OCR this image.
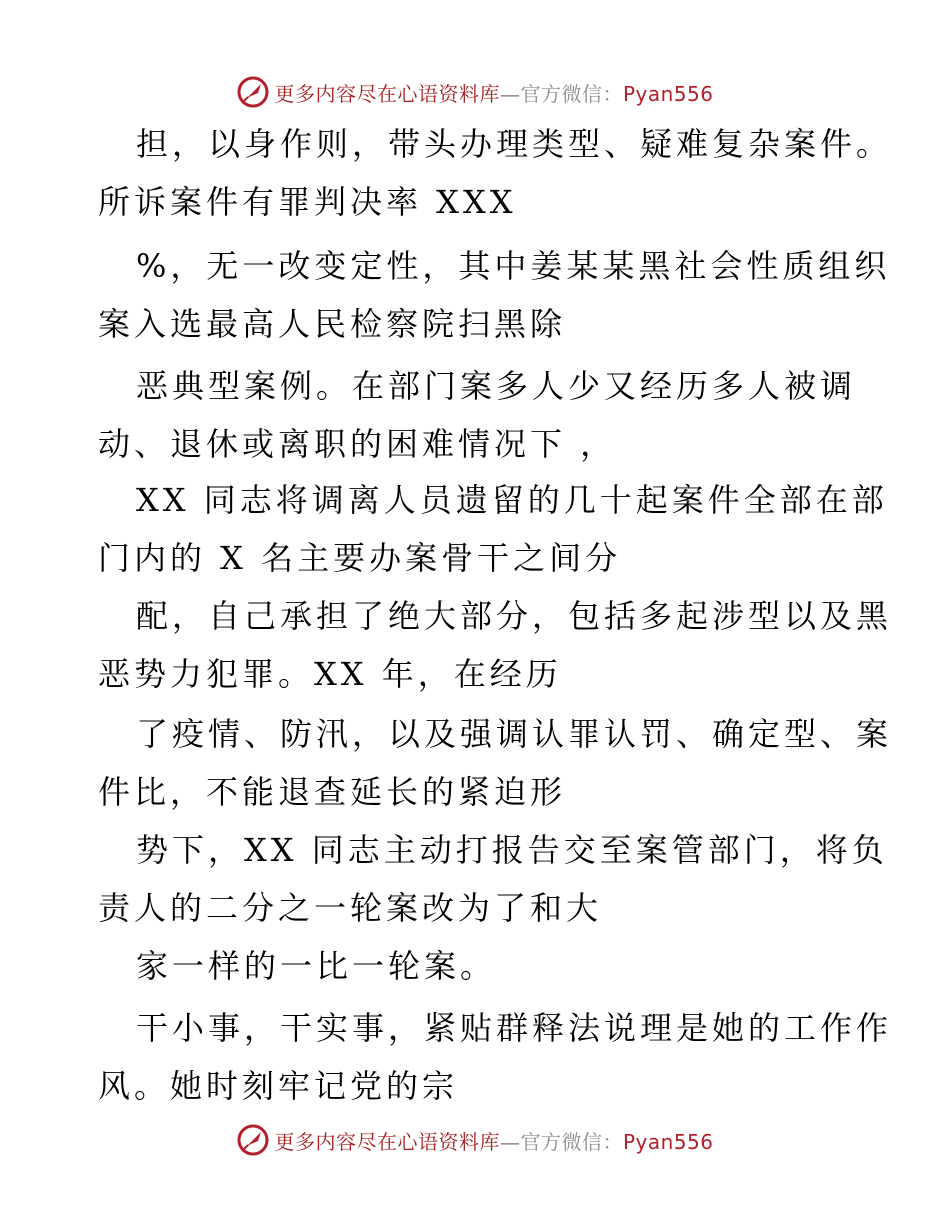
更多内容尽在心语资料库—官方微信：Pyan556
担，以身作则，带头办理类型、疑难复杂案件。
所诉案件有罪判决率 XXX
%，无一改变定性，其中姜某某黑社会性质组织
案入选最高人民检察院扫黑除
恶典型案例。在部门案多人少又经历多人被调
动、退休或离职的困难情况下 ，
XX 同志将调离人员遗留的几十起案件全部在部
门内的 X 名主要办案骨干之间分
配，自己承担了绝大部分，包括多起涉型以及黑
恶势力犯罪。XX 年，在经历
了疫情、防汛，以及强调认罪认罚、确定型、案
件比，不能退查延长的紧迫形
势下，XX 同志主动打报告交至案管部门，将负
责人的二分之一轮案改为了和大
家一样的一比一轮案。
干小事，干实事，紧贴群释法说理是她的工作作
风。她时刻牢记党的宗
更多内容尽在心语资料库—官方微信：Pyan556
